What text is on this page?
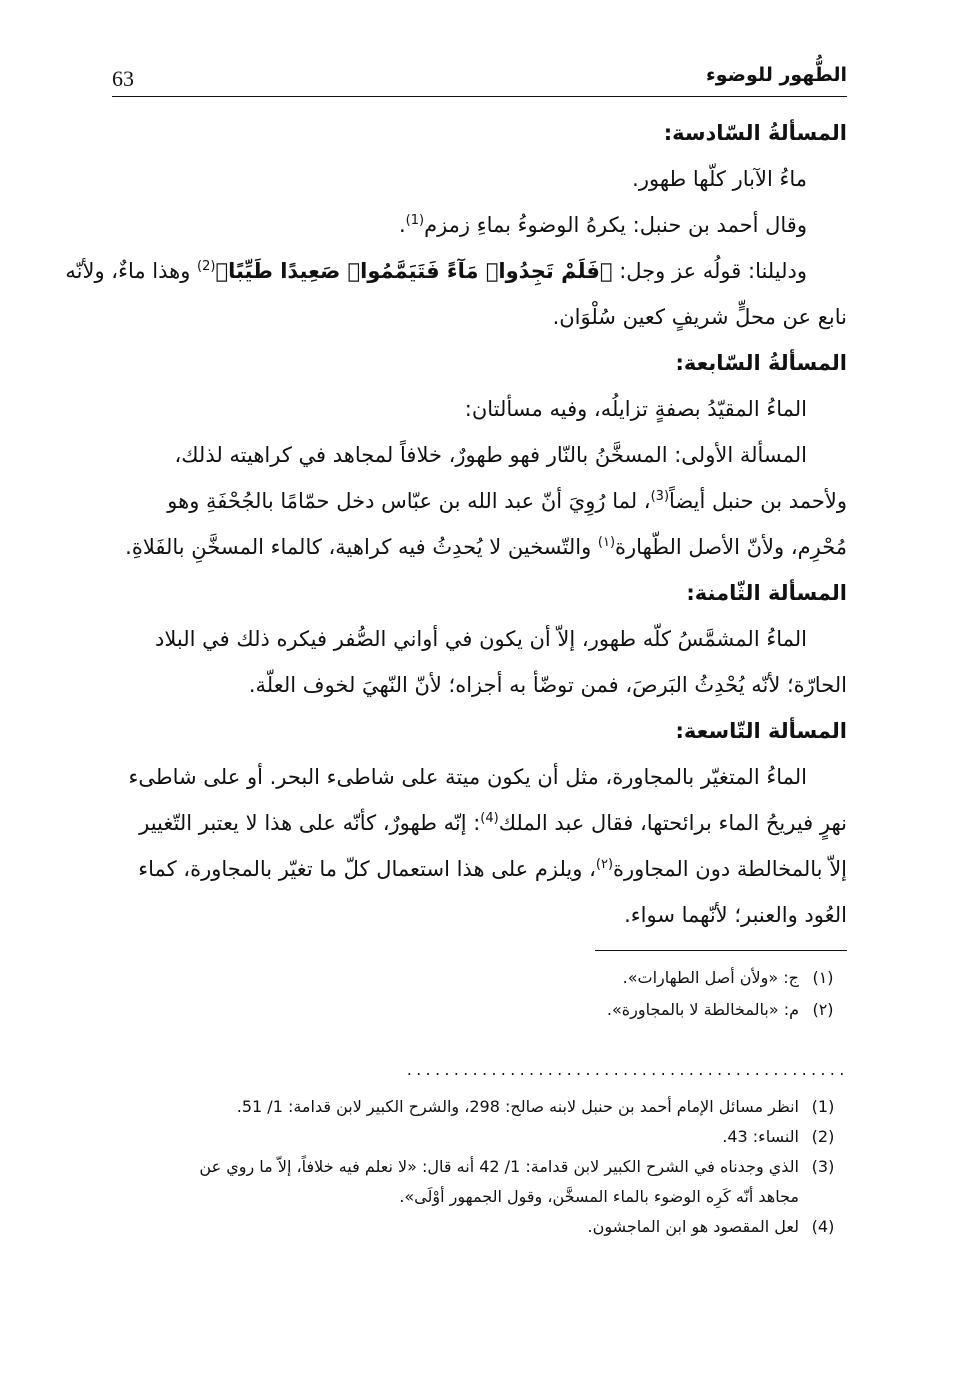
63	الطُّهور للوضوء
المسألةُ السّادسة:
ماءُ الآبار كلّها طهور.
وقال أحمد بن حنبل: يكرهُ الوضوءُ بماءِ زمزم$^{(1)}$.
ودليلنا: قولُه عز وجل: ﴿فَلَمْ تَجِدُوا۟ مَآءً فَتَيَمَّمُوا۟ صَعِيدًا طَيِّبًا﴾$^{(2)}$ وهذا ماءٌ، ولأنّه
نابع عن محلٍّ شريفٍ كعين سُلْوَان.
المسألةُ السّابعة:
الماءُ المقيّدُ بصفةٍ تزايلُه، وفيه مسألتان:
المسألة الأولى: المسخَّنُ بالنّار فهو طهورٌ، خلافاً لمجاهد في كراهيته لذلك،
ولأحمد بن حنبل أيضاً$^{(3)}$، لما رُوِيَ أنّ عبد الله بن عبّاس دخل حمّامًا بالجُحْفَةِ وهو
مُحْرِم، ولأنّ الأصل الطّهارة$^{(١)}$ والتّسخين لا يُحدِثُ فيه كراهية، كالماء المسخَّنِ بالفَلاةِ.
المسألة الثّامنة:
الماءُ المشمَّسُ كلّه طهور، إلاّ أن يكون في أواني الصُّفر فيكره ذلك في البلاد
الحارّة؛ لأنّه يُحْدِثُ البَرصَ، فمن توضّأ به أجزاه؛ لأنّ النّهيَ لخوف العلّة.
المسألة التّاسعة:
الماءُ المتغيّر بالمجاورة، مثل أن يكون ميتة على شاطىء البحر. أو على شاطىء
نهرٍ فيريحُ الماء برائحتها، فقال عبد الملك$^{(4)}$: إنّه طهورٌ، كأنّه على هذا لا يعتبر التّغيير
إلاّ بالمخالطة دون المجاورة$^{(٢)}$، ويلزم على هذا استعمال كلّ ما تغيّر بالمجاورة، كماء
العُود والعنبر؛ لأنّهما سواء.
(١)ج: «ولأن أصل الطهارات».
(٢)م: «بالمخالطة لا بالمجاورة».
...............................................
(1)انظر مسائل الإمام أحمد بن حنبل لابنه صالح: 298، والشرح الكبير لابن قدامة: 1/ 51.
(2)النساء: 43.
(3)الذي وجدناه في الشرح الكبير لابن قدامة: 1/ 42 أنه قال: «لا نعلم فيه خلافاً، إلاّ ما روي عن
مجاهد أنّه كَرِه الوضوء بالماء المسخَّن، وقول الجمهور أوْلَى».
(4)لعل المقصود هو ابن الماجشون.
